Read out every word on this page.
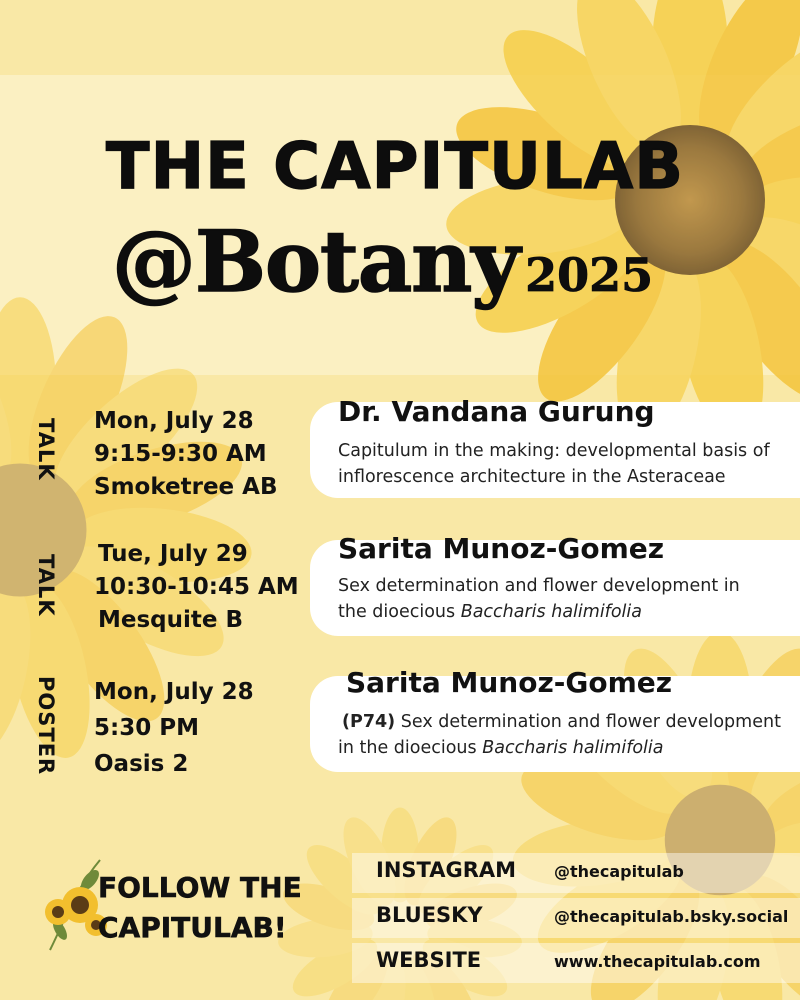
THE CAPITULAB
@Botany 2025
TALK Mon, July 28
9:15-9:30 AM
Smoketree AB
Dr. Vandana Gurung
Capitulum in the making: developmental basis of
inflorescence architecture in the Asteraceae
TALK Tue, July 29
10:30-10:45 AM
Mesquite B
Sarita Munoz-Gomez
Sex determination and flower development in
the dioecious Baccharis halimifolia
POSTER Mon, July 28
5:30 PM
Oasis 2
Sarita Munoz-Gomez
(P74) Sex determination and flower development
in the dioecious Baccharis halimifolia
FOLLOW THE
CAPITULAB!
INSTAGRAM @thecapitulab
BLUESKY	@thecapitulab.bsky.social
WEBSITE	www.thecapitulab.com
